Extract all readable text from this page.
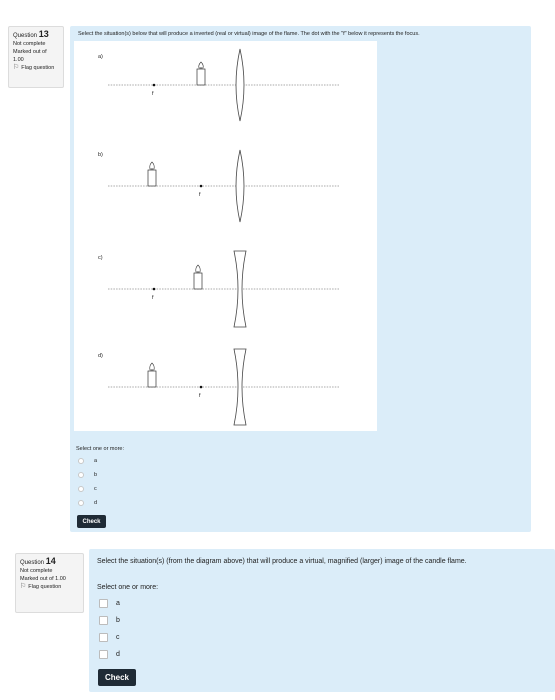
Question 13
Not complete
Marked out of
1.00
⚐ Flag question
Select the situation(s) below that will produce a inverted (real or virtual) image of the flame. The dot with the "f" below it represents the focus.
a)
f
b)
f
c)
f
d)
f
Select one or more:
a
b
c
d
Check
Question 14
Not complete
Marked out of 1.00
⚐ Flag question
Select the situation(s) (from the diagram above) that will produce a virtual, magnified (larger) image of the candle flame.
Select one or more:
a
b
c
d
Check
